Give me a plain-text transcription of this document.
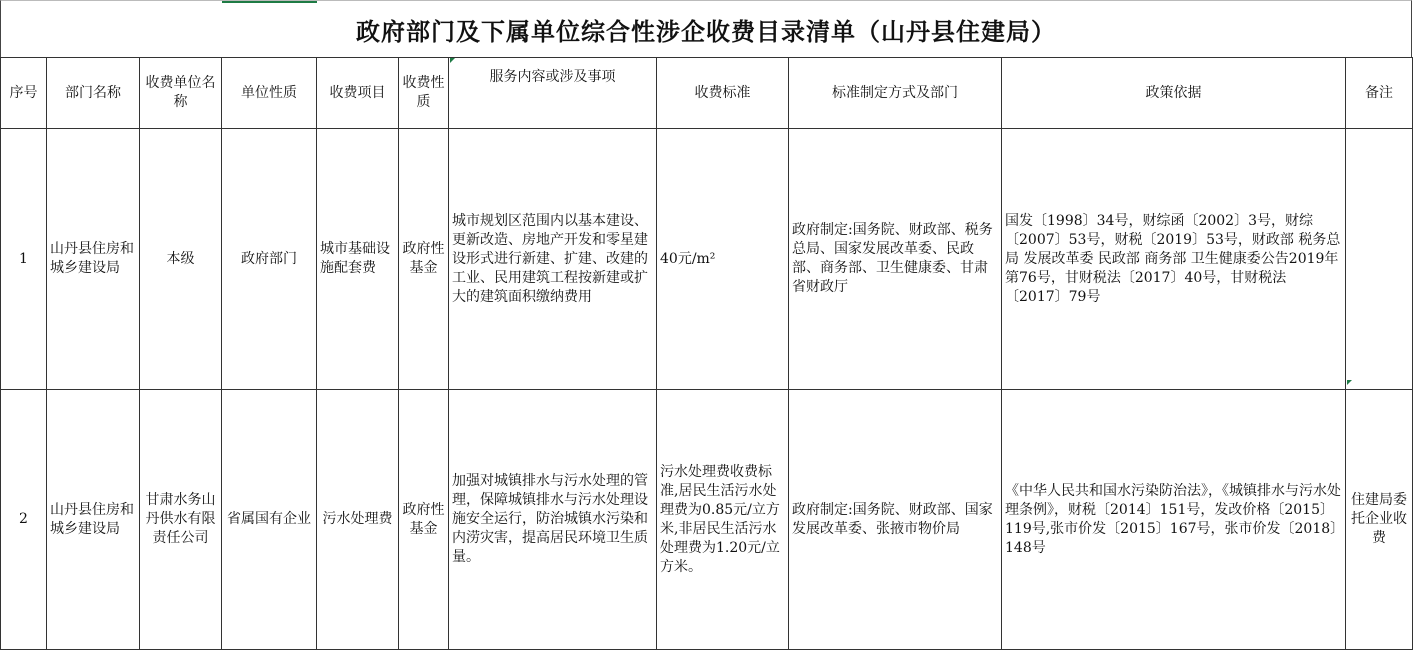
政府部门及下属单位综合性涉企收费目录清单（山丹县住建局）
序号	部门名称	收费单位名称	单位性质	收费项目	收费性质	服务内容或涉及事项	收费标准	标准制定方式及部门	政策依据	备注
1	山丹县住房和城乡建设局	本级	政府部门	城市基础设施配套费	政府性基金	城市规划区范围内以基本建设、更新改造、房地产开发和零星建设形式进行新建、扩建、改建的工业、民用建筑工程按新建或扩大的建筑面积缴纳费用	40元/m²	政府制定:国务院、财政部、税务总局、国家发展改革委、民政部、商务部、卫生健康委、甘肃省财政厅	国发〔1998〕34号，财综函〔2002〕3号，财综〔2007〕53号，财税〔2019〕53号，财政部 税务总局 发展改革委 民政部 商务部 卫生健康委公告2019年第76号，甘财税法〔2017〕40号，甘财税法〔2017〕79号	
2	山丹县住房和城乡建设局	甘肃水务山丹供水有限责任公司	省属国有企业	污水处理费	政府性基金	加强对城镇排水与污水处理的管理，保障城镇排水与污水处理设施安全运行，防治城镇水污染和内涝灾害，提高居民环境卫生质量。	污水处理费收费标准,居民生活污水处理费为0.85元/立方米,非居民生活污水处理费为1.20元/立方米。	政府制定:国务院、财政部、国家发展改革委、张掖市物价局	《中华人民共和国水污染防治法》，《城镇排水与污水处理条例》，财税〔2014〕151号，发改价格〔2015〕119号,张市价发〔2015〕167号，张市价发〔2018〕148号	住建局委托企业收费
